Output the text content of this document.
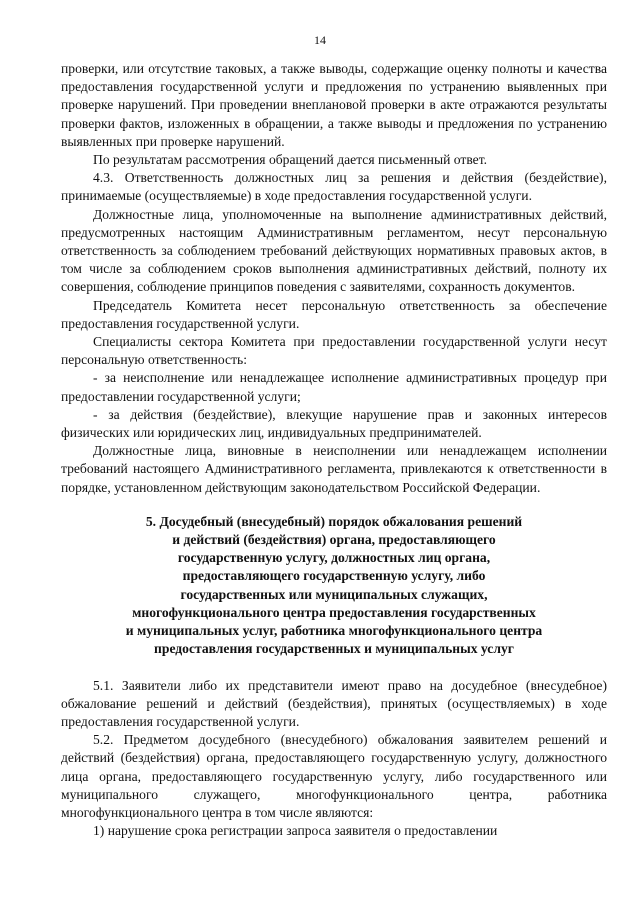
14

проверки, или отсутствие таковых, а также выводы, содержащие оценку полноты и качества предоставления государственной услуги и предложения по устранению выявленных при проверке нарушений. При проведении внеплановой проверки в акте отражаются результаты проверки фактов, изложенных в обращении, а также выводы и предложения по устранению выявленных при проверке нарушений.

По результатам рассмотрения обращений дается письменный ответ.

4.3. Ответственность должностных лиц за решения и действия (бездействие), принимаемые (осуществляемые) в ходе предоставления государственной услуги.

Должностные лица, уполномоченные на выполнение административных действий, предусмотренных настоящим Административным регламентом, несут персональную ответственность за соблюдением требований действующих нормативных правовых актов, в том числе за соблюдением сроков выполнения административных действий, полноту их совершения, соблюдение принципов поведения с заявителями, сохранность документов.

Председатель Комитета несет персональную ответственность за обеспечение предоставления государственной услуги.

Специалисты сектора Комитета при предоставлении государственной услуги несут персональную ответственность:

- за неисполнение или ненадлежащее исполнение административных процедур при предоставлении государственной услуги;

- за действия (бездействие), влекущие нарушение прав и законных интересов физических или юридических лиц, индивидуальных предпринимателей.

Должностные лица, виновные в неисполнении или ненадлежащем исполнении требований настоящего Административного регламента, привлекаются к ответственности в порядке, установленном действующим законодательством Российской Федерации.

5. Досудебный (внесудебный) порядок обжалования решений
и действий (бездействия) органа, предоставляющего
государственную услугу, должностных лиц органа,
предоставляющего государственную услугу, либо
государственных или муниципальных служащих,
многофункционального центра предоставления государственных
и муниципальных услуг, работника многофункционального центра
предоставления государственных и муниципальных услуг

5.1. Заявители либо их представители имеют право на досудебное (внесудебное) обжалование решений и действий (бездействия), принятых (осуществляемых) в ходе предоставления государственной услуги.

5.2. Предметом досудебного (внесудебного) обжалования заявителем решений и действий (бездействия) органа, предоставляющего государственную услугу, должностного лица органа, предоставляющего государственную услугу, либо государственного или муниципального служащего, многофункционального центра, работника многофункционального центра в том числе являются:

1) нарушение срока регистрации запроса заявителя о предоставлении
